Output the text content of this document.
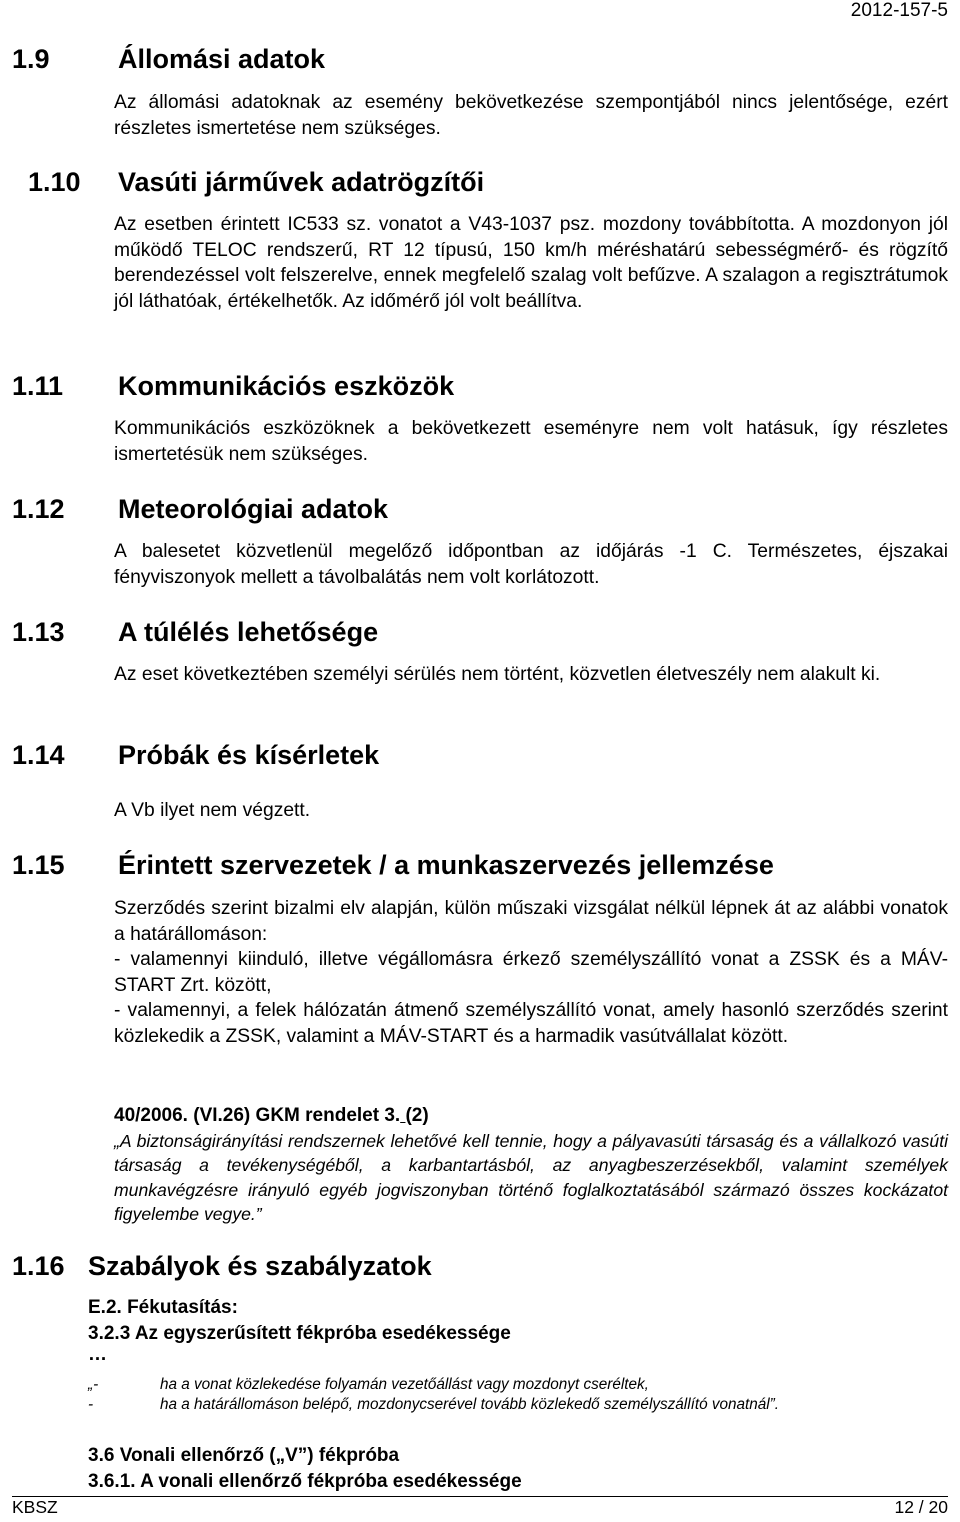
2012-157-5
1.9	Állomási adatok

Az állomási adatoknak az esemény bekövetkezése szempontjából nincs jelentősége, ezért részletes ismertetése nem szükséges.

1.10 Vasúti járművek adatrögzítői

Az esetben érintett IC533 sz. vonatot a V43-1037 psz. mozdony továbbította. A mozdonyon jól működő TELOC rendszerű, RT 12 típusú, 150 km/h méréshatárú sebességmérő- és rögzítő berendezéssel volt felszerelve, ennek megfelelő szalag volt befűzve. A szalagon a regisztrátumok jól láthatóak, értékelhetők. Az időmérő jól volt beállítva.

1.11 Kommunikációs eszközök

Kommunikációs eszközöknek a bekövetkezett eseményre nem volt hatásuk, így részletes ismertetésük nem szükséges.

1.12 Meteorológiai adatok

A balesetet közvetlenül megelőző időpontban az időjárás -1 C. Természetes, éjszakai fényviszonyok mellett a távolbalátás nem volt korlátozott.

1.13 A túlélés lehetősége

Az eset következtében személyi sérülés nem történt, közvetlen életveszély nem alakult ki.

1.14 Próbák és kísérletek

A Vb ilyet nem végzett.

1.15 Érintett szervezetek / a munkaszervezés jellemzése

Szerződés szerint bizalmi elv alapján, külön műszaki vizsgálat nélkül lépnek át az alábbi vonatok a határállomáson:

- valamennyi kiinduló, illetve végállomásra érkező személyszállító vonat a ZSSK és a MÁV-START Zrt. között,

- valamennyi, a felek hálózatán átmenő személyszállító vonat, amely hasonló szerződés szerint közlekedik a ZSSK, valamint a MÁV-START és a harmadik vasútvállalat között.

40/2006. (VI.26) GKM rendelet 3. (2)
„A biztonságirányítási rendszernek lehetővé kell tennie, hogy a pályavasúti társaság és a vállalkozó vasúti társaság a tevékenységéből, a karbantartásból, az anyagbeszerzésekből, valamint személyek munkavégzésre irányuló egyéb jogviszonyban történő foglalkoztatásából származó összes kockázatot figyelembe vegye.”
1.16 Szabályok és szabályzatok
E.2. Fékutasítás:
3.2.3 Az egyszerűsített fékpróba esedékessége
…
„-	ha a vonat közlekedése folyamán vezetőállást vagy mozdonyt cseréltek,
-	ha a határállomáson belépő, mozdonycserével tovább közlekedő személyszállító vonatnál”.
3.6 Vonali ellenőrző („V”) fékpróba
3.6.1. A vonali ellenőrző fékpróba esedékessége
KBSZ	12 / 20
